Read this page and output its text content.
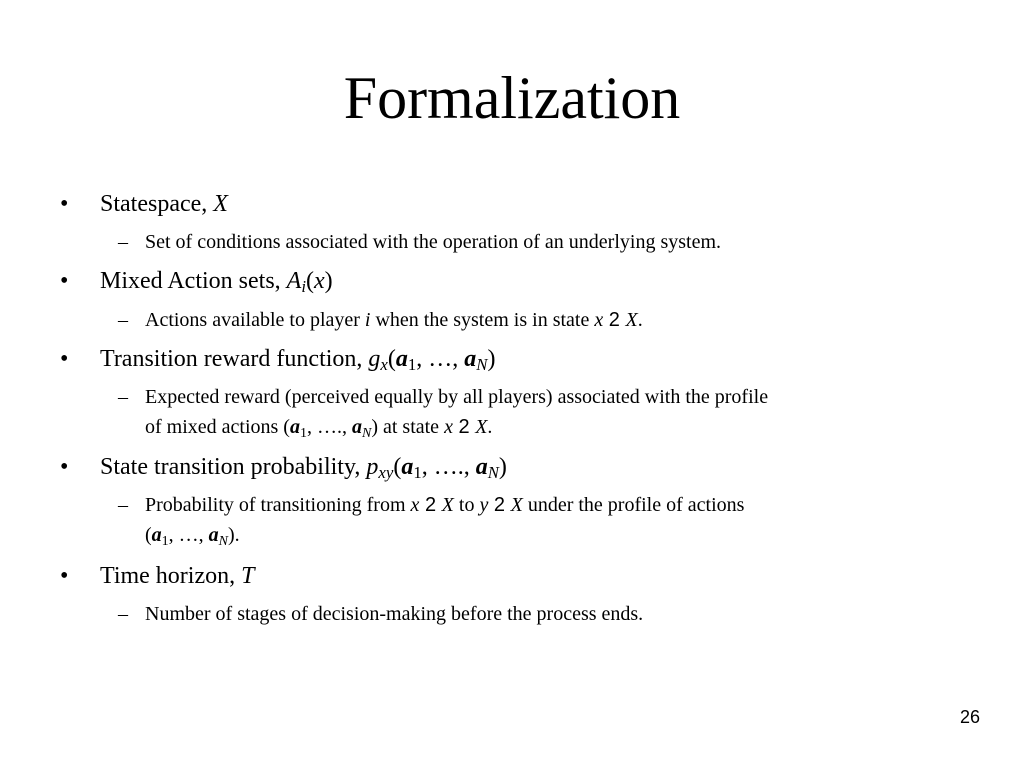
Formalization
• Statespace, X
– Set of conditions associated with the operation of an underlying system.
• Mixed Action sets, $A_i(x)$
– Actions available to player i when the system is in state x 2 X.
• Transition reward function, $g_x(a_1$, …, $a_N$)
– Expected reward (perceived equally by all players) associated with the profile
of mixed actions ($a_1$, …., $a_N$) at state x 2 X.
• State transition probability, $p_{xy}(a_1$, …., $a_N$)
– Probability of transitioning from x 2 X to y 2 X under the profile of actions
($a_1$, …, $a_N$).
• Time horizon, T
– Number of stages of decision-making before the process ends.
26
